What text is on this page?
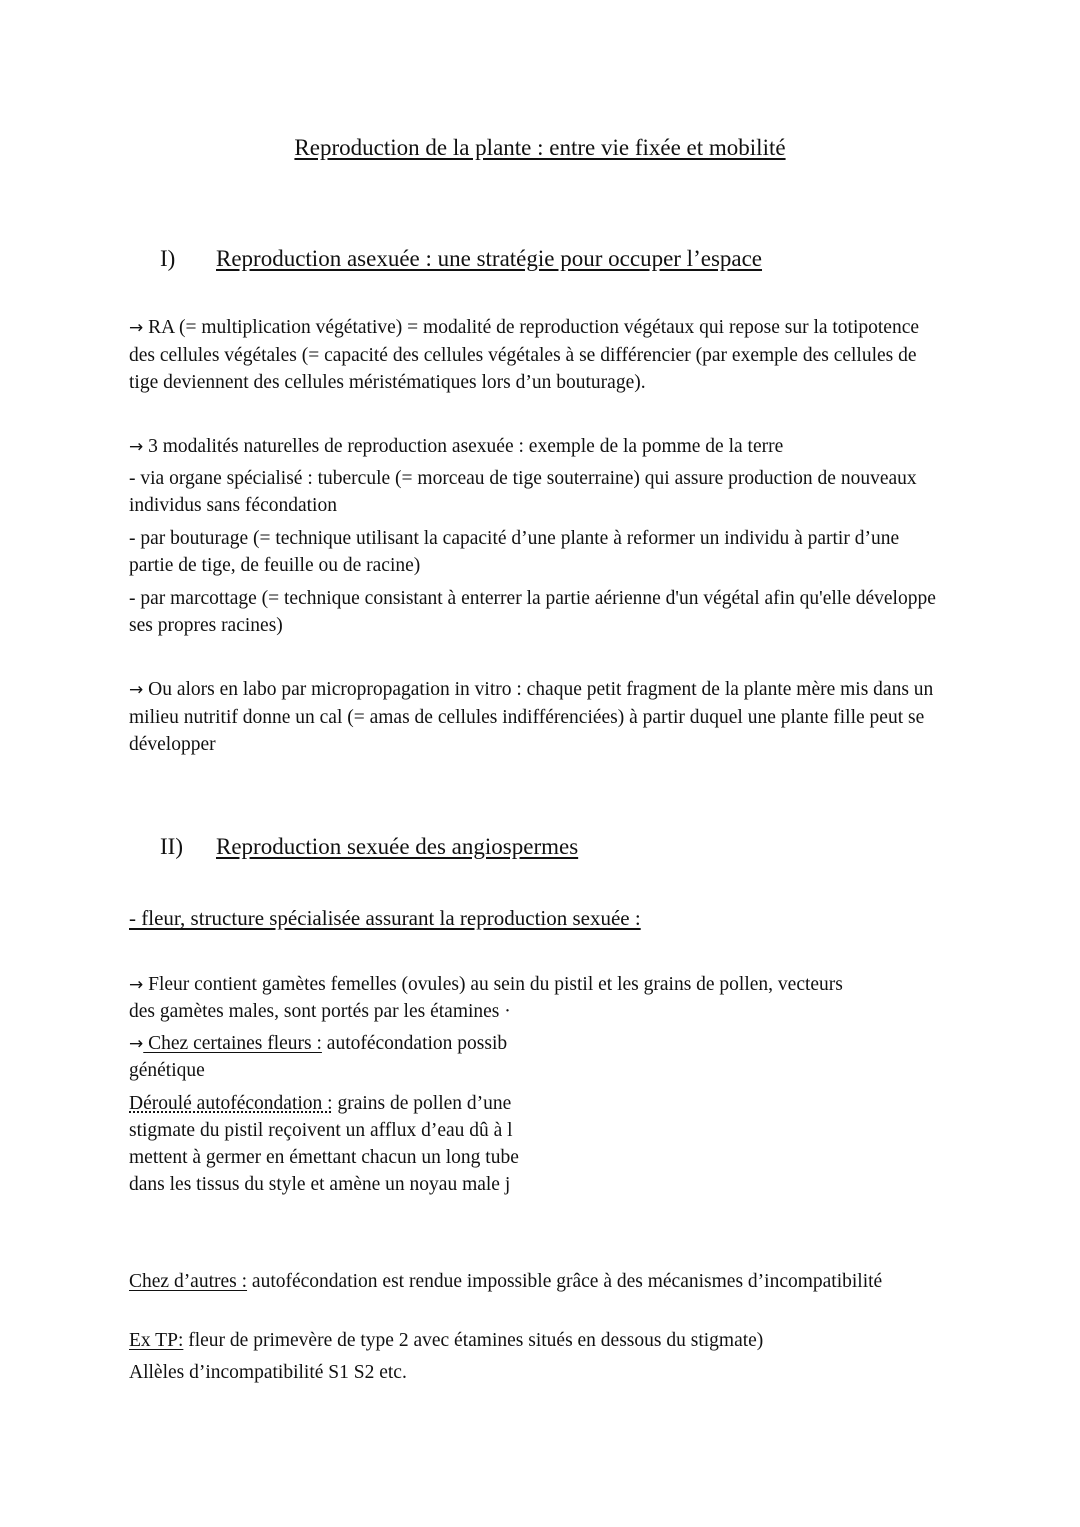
Reproduction de la plante : entre vie fixée et mobilité

I) Reproduction asexuée : une stratégie pour occuper l’espace

→ RA (= multiplication végétative) = modalité de reproduction végétaux qui repose sur la totipotence des cellules végétales (= capacité des cellules végétales à se différencier (par exemple des cellules de tige deviennent des cellules méristématiques lors d’un bouturage).

→ 3 modalités naturelles de reproduction asexuée : exemple de la pomme de la terre

- via organe spécialisé : tubercule (= morceau de tige souterraine) qui assure production de nouveaux individus sans fécondation

- par bouturage (= technique utilisant la capacité d’une plante à reformer un individu à partir d’une partie de tige, de feuille ou de racine)

- par marcottage (= technique consistant à enterrer la partie aérienne d'un végétal afin qu'elle développe ses propres racines)

→ Ou alors en labo par micropropagation in vitro : chaque petit fragment de la plante mère mis dans un milieu nutritif donne un cal (= amas de cellules indifférenciées) à partir duquel une plante fille peut se développer

II) Reproduction sexuée des angiospermes

- fleur, structure spécialisée assurant la reproduction sexuée :

→ Fleur contient gamètes femelles (ovules) au sein du pistil et les grains de pollen, vecteurs
des gamètes males, sont portés par les étamines ·
→ Chez certaines fleurs : autofécondation possib
génétique
Déroulé autofécondation : grains de pollen d’une
stigmate du pistil reçoivent un afflux d’eau dû à l
mettent à germer en émettant chacun un long tube
dans les tissus du style et amène un noyau male j

Chez d’autres : autofécondation est rendue impossible grâce à des mécanismes d’incompatibilité

Ex TP: fleur de primevère de type 2 avec étamines situés en dessous du stigmate)
Allèles d’incompatibilité S1 S2 etc.
